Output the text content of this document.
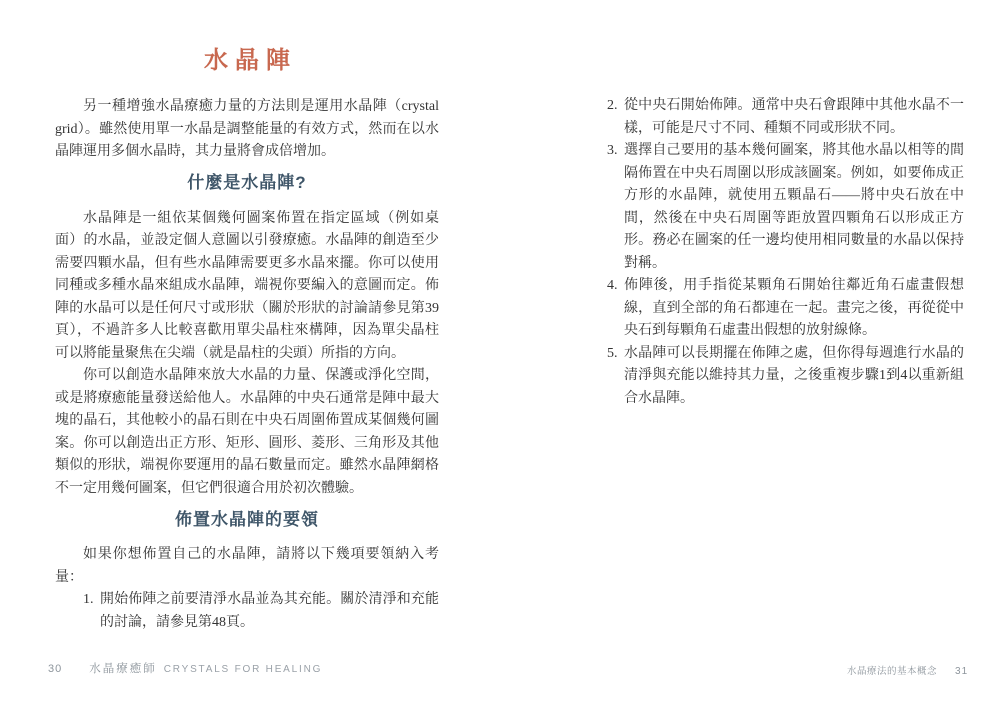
水晶陣

另一種增強水晶療癒力量的方法則是運用水晶陣（crystal grid）。雖然使用單一水晶是調整能量的有效方式，然而在以水晶陣運用多個水晶時，其力量將會成倍增加。

什麼是水晶陣?

水晶陣是一組依某個幾何圖案佈置在指定區域（例如桌面）的水晶，並設定個人意圖以引發療癒。水晶陣的創造至少需要四顆水晶，但有些水晶陣需要更多水晶來擺。你可以使用同種或多種水晶來組成水晶陣，端視你要編入的意圖而定。佈陣的水晶可以是任何尺寸或形狀（關於形狀的討論請參見第39頁），不過許多人比較喜歡用單尖晶柱來構陣，因為單尖晶柱可以將能量聚焦在尖端（就是晶柱的尖頭）所指的方向。

你可以創造水晶陣來放大水晶的力量、保護或淨化空間，或是將療癒能量發送給他人。水晶陣的中央石通常是陣中最大塊的晶石，其他較小的晶石則在中央石周圍佈置成某個幾何圖案。你可以創造出正方形、矩形、圓形、菱形、三角形及其他類似的形狀，端視你要運用的晶石數量而定。雖然水晶陣網格不一定用幾何圖案，但它們很適合用於初次體驗。

佈置水晶陣的要領

如果你想佈置自己的水晶陣，請將以下幾項要領納入考量：

1. 開始佈陣之前要清淨水晶並為其充能。關於清淨和充能的討論，請參見第48頁。
2. 從中央石開始佈陣。通常中央石會跟陣中其他水晶不一樣，可能是尺寸不同、種類不同或形狀不同。
3. 選擇自己要用的基本幾何圖案，將其他水晶以相等的間隔佈置在中央石周圍以形成該圖案。例如，如要佈成正方形的水晶陣，就使用五顆晶石——將中央石放在中間，然後在中央石周圍等距放置四顆角石以形成正方形。務必在圖案的任一邊均使用相同數量的水晶以保持對稱。
4. 佈陣後，用手指從某顆角石開始往鄰近角石虛畫假想線，直到全部的角石都連在一起。畫完之後，再從從中央石到每顆角石虛畫出假想的放射線條。
5. 水晶陣可以長期擺在佈陣之處，但你得每週進行水晶的清淨與充能以維持其力量，之後重複步驟1到4以重新組合水晶陣。
30 水晶療癒師 CRYSTALS FOR HEALING	水晶療法的基本概念 31
